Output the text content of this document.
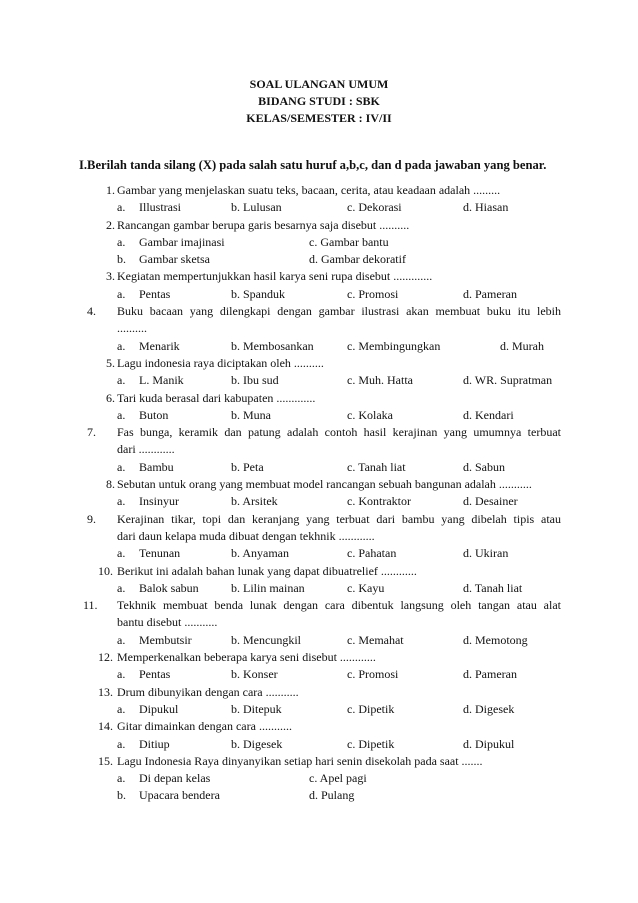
SOAL ULANGAN UMUM
BIDANG STUDI : SBK
KELAS/SEMESTER : IV/II
I.Berilah tanda silang (X) pada salah satu huruf a,b,c, dan d pada jawaban yang benar.
Gambar yang menjelaskan suatu teks, bacaan, cerita, atau keadaan adalah .........
1.
a. Illustrasi	b. Lulusan	c. Dekorasi	d. Hiasan
Rancangan gambar berupa garis besarnya saja disebut ..........
2.
a. Gambar imajinasi	c. Gambar bantu
b. Gambar sketsa	d. Gambar dekoratif
Kegiatan mempertunjukkan hasil karya seni rupa disebut .............
3.
a. Pentas	b. Spanduk	c. Promosi	d. Pameran
Buku bacaan yang dilengkapi dengan gambar ilustrasi akan membuat buku itu lebih
4.
..........
a. Menarik	b. Membosankan	c. Membingungkan	d. Murah
Lagu indonesia raya diciptakan oleh ..........
5.
a. L. Manik	b. Ibu sud	c. Muh. Hatta	d. WR. Supratman
Tari kuda berasal dari kabupaten .............
6.
a. Buton	b. Muna	c. Kolaka	d. Kendari
Fas bunga, keramik dan patung adalah contoh hasil kerajinan yang umumnya terbuat
7.
dari ............
a. Bambu	b. Peta	c. Tanah liat	d. Sabun
Sebutan untuk orang yang membuat model rancangan sebuah bangunan adalah ...........
8.
a. Insinyur	b. Arsitek	c. Kontraktor	d. Desainer
Kerajinan tikar, topi dan keranjang yang terbuat dari bambu yang dibelah tipis atau
9.
dari daun kelapa muda dibuat dengan tekhnik ............
a. Tenunan	b. Anyaman	c. Pahatan	d. Ukiran
Berikut ini adalah bahan lunak yang dapat dibuatrelief ............
10.
a. Balok sabun	b. Lilin mainan	c. Kayu	d. Tanah liat
Tekhnik membuat benda lunak dengan cara dibentuk langsung oleh tangan atau alat
11.
bantu disebut ...........
a. Membutsir	b. Mencungkil	c. Memahat	d. Memotong
Memperkenalkan beberapa karya seni disebut ............
12.
a. Pentas	b. Konser	c. Promosi	d. Pameran
Drum dibunyikan dengan cara ...........
13.
a. Dipukul	b. Ditepuk	c. Dipetik	d. Digesek
Gitar dimainkan dengan cara ...........
14.
a. Ditiup	b. Digesek	c. Dipetik	d. Dipukul
Lagu Indonesia Raya dinyanyikan setiap hari senin disekolah pada saat .......
15.
a. Di depan kelas	c. Apel pagi
b. Upacara bendera	d. Pulang
